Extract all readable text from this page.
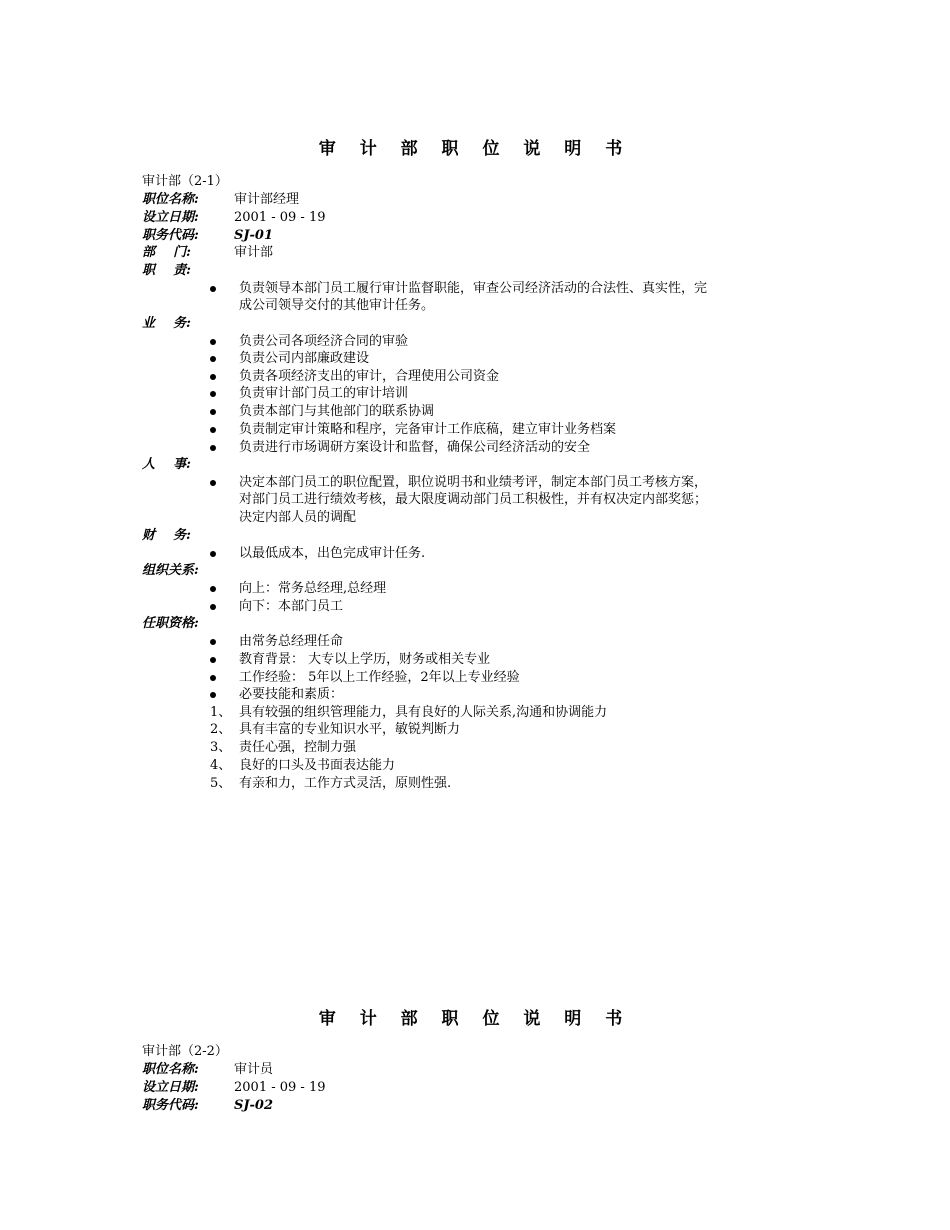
审 计 部 职 位 说 明 书
审计部（2-1）
职位名称:	审计部经理
设立日期:	2001 - 09 - 19
职务代码:	SJ-01
部    门:	审计部
职    责:
负责领导本部门员工履行审计监督职能，审查公司经济活动的合法性、真实性，完
成公司领导交付的其他审计任务。
业    务:
负责公司各项经济合同的审验
负责公司内部廉政建设
负责各项经济支出的审计，合理使用公司资金
负责审计部门员工的审计培训
负责本部门与其他部门的联系协调
负责制定审计策略和程序，完备审计工作底稿，建立审计业务档案
负责进行市场调研方案设计和监督，确保公司经济活动的安全
人    事:
决定本部门员工的职位配置，职位说明书和业绩考评，制定本部门员工考核方案，
对部门员工进行绩效考核，最大限度调动部门员工积极性，并有权决定内部奖惩；
决定内部人员的调配
财    务:
以最低成本，出色完成审计任务.
组织关系:
向上：常务总经理,总经理
向下：本部门员工
任职资格:
由常务总经理任命
教育背景： 大专以上学历，财务或相关专业
工作经验： 5年以上工作经验，2年以上专业经验
必要技能和素质：
1、 具有较强的组织管理能力，具有良好的人际关系,沟通和协调能力
2、 具有丰富的专业知识水平，敏锐判断力
3、 责任心强，控制力强
4、 良好的口头及书面表达能力
5、 有亲和力，工作方式灵活，原则性强.
审 计 部 职 位 说 明 书
审计部（2-2）
职位名称:	审计员
设立日期:	2001 - 09 - 19
职务代码:	SJ-02
